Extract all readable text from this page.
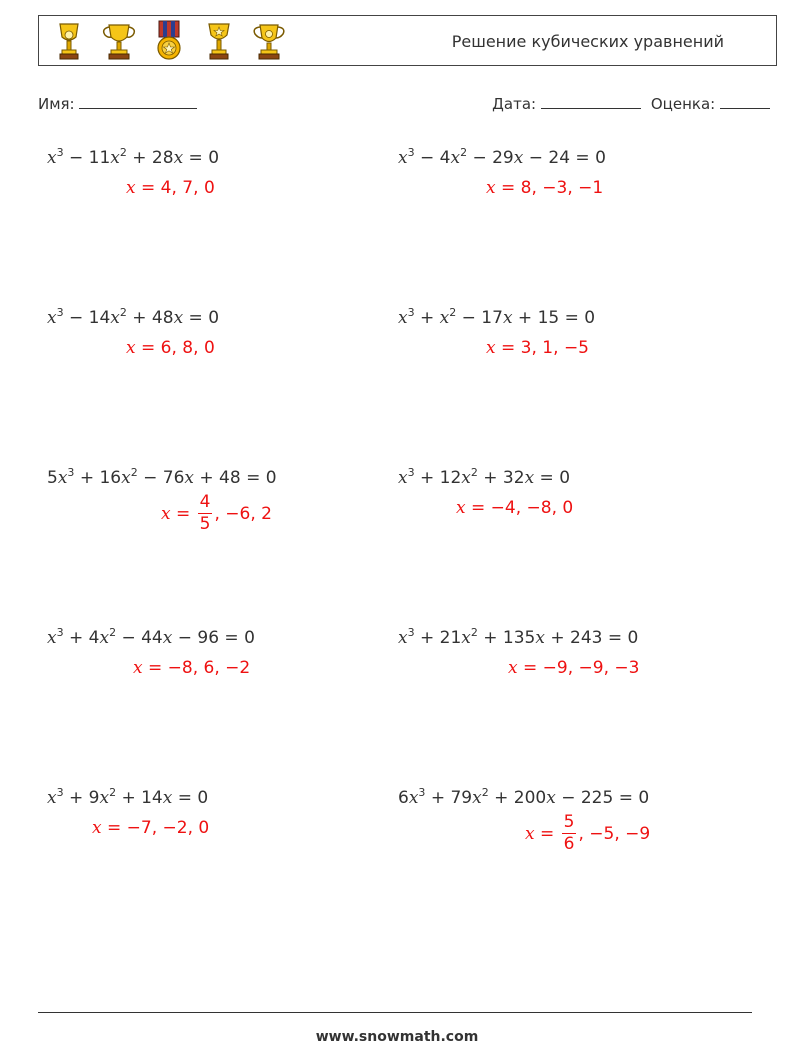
Решение кубических уравнений
Имя:	Дата:	Оценка:
$x^3 - 11x^2 + 28x = 0$
x = 4, 7, 0
$x^3 - 4x^2 - 29x - 24 = 0$
x = 8, −3, −1
$x^3 - 14x^2 + 48x = 0$
x = 6, 8, 0
$x^3 + x^2 - 17x + 15 = 0$
x = 3, 1, −5
$5x^3 + 16x^2 - 76x + 48 = 0$
$x = \frac{4}{5}$ , −6, 2
$x^3 + 12x^2 + 32x = 0$
x = −4, −8, 0
$x^3 + 4x^2 - 44x - 96 = 0$
x = −8, 6, −2
$x^3 + 21x^2 + 135x + 243 = 0$
x = −9, −9, −3
$x^3 + 9x^2 + 14x = 0$
x = −7, −2, 0
$6x^3 + 79x^2 + 200x - 225 = 0$
$x = \frac{5}{6}$ , −5, −9
www.snowmath.com
